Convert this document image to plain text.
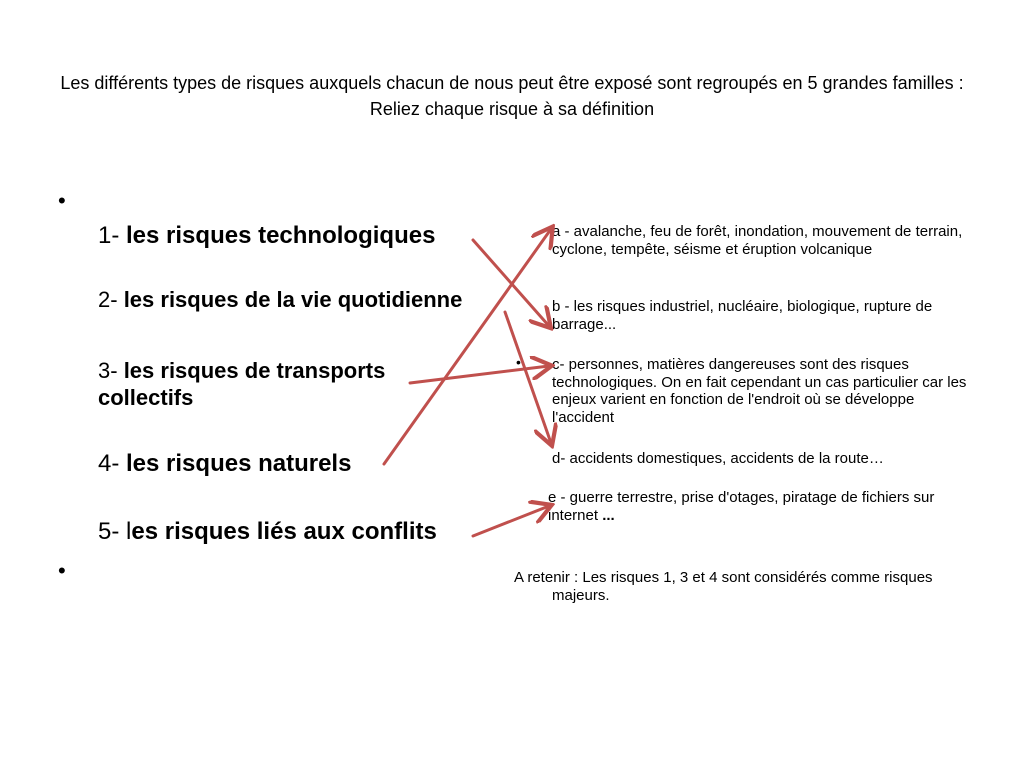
Les différents types de risques auxquels chacun de nous peut être exposé sont regroupés en 5 grandes familles : Reliez chaque risque à sa définition
•
•
1- les risques technologiques
2- les risques de la vie quotidienne
3- les risques de transports
collectifs
4- les risques naturels
5- les risques liés aux conflits
a - avalanche, feu de forêt, inondation, mouvement de terrain, cyclone, tempête, séisme et éruption volcanique
b - les risques industriel, nucléaire, biologique, rupture de barrage...
• c- personnes, matières dangereuses sont des risques technologiques. On en fait cependant un cas particulier car les enjeux varient en fonction de l'endroit où se développe l'accident
d- accidents domestiques, accidents de la route…
e - guerre terrestre, prise d'otages, piratage de fichiers sur internet ...
A retenir : Les risques 1, 3 et 4 sont considérés comme risques majeurs.
